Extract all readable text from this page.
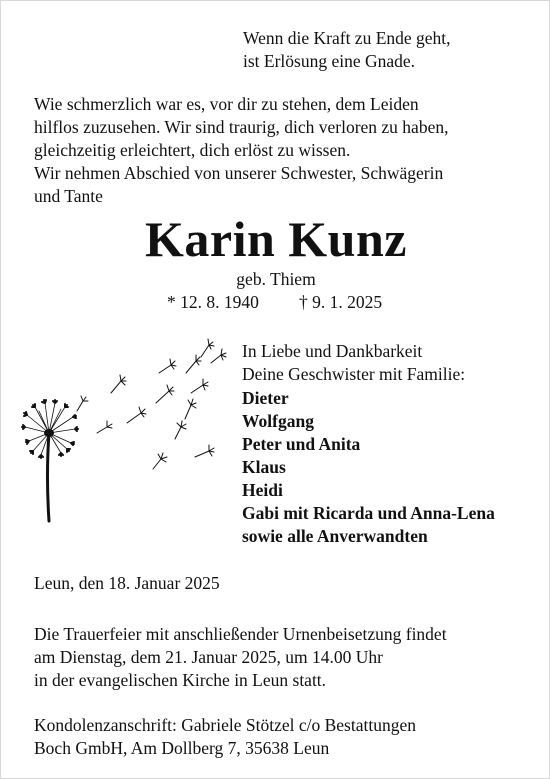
Wenn die Kraft zu Ende geht,
ist Erlösung eine Gnade.
Wie schmerzlich war es, vor dir zu stehen, dem Leiden
hilflos zuzusehen. Wir sind traurig, dich verloren zu haben,
gleichzeitig erleichtert, dich erlöst zu wissen.
Wir nehmen Abschied von unserer Schwester, Schwägerin
und Tante
Karin Kunz
geb. Thiem
* 12. 8. 1940 † 9. 1. 2025
In Liebe und Dankbarkeit
Deine Geschwister mit Familie:
Dieter
Wolfgang
Peter und Anita
Klaus
Heidi
Gabi mit Ricarda und Anna-Lena
sowie alle Anverwandten
Leun, den 18. Januar 2025
Die Trauerfeier mit anschließender Urnenbeisetzung findet
am Dienstag, dem 21. Januar 2025, um 14.00 Uhr
in der evangelischen Kirche in Leun statt.
Kondolenzanschrift: Gabriele Stötzel c/o Bestattungen
Boch GmbH, Am Dollberg 7, 35638 Leun
